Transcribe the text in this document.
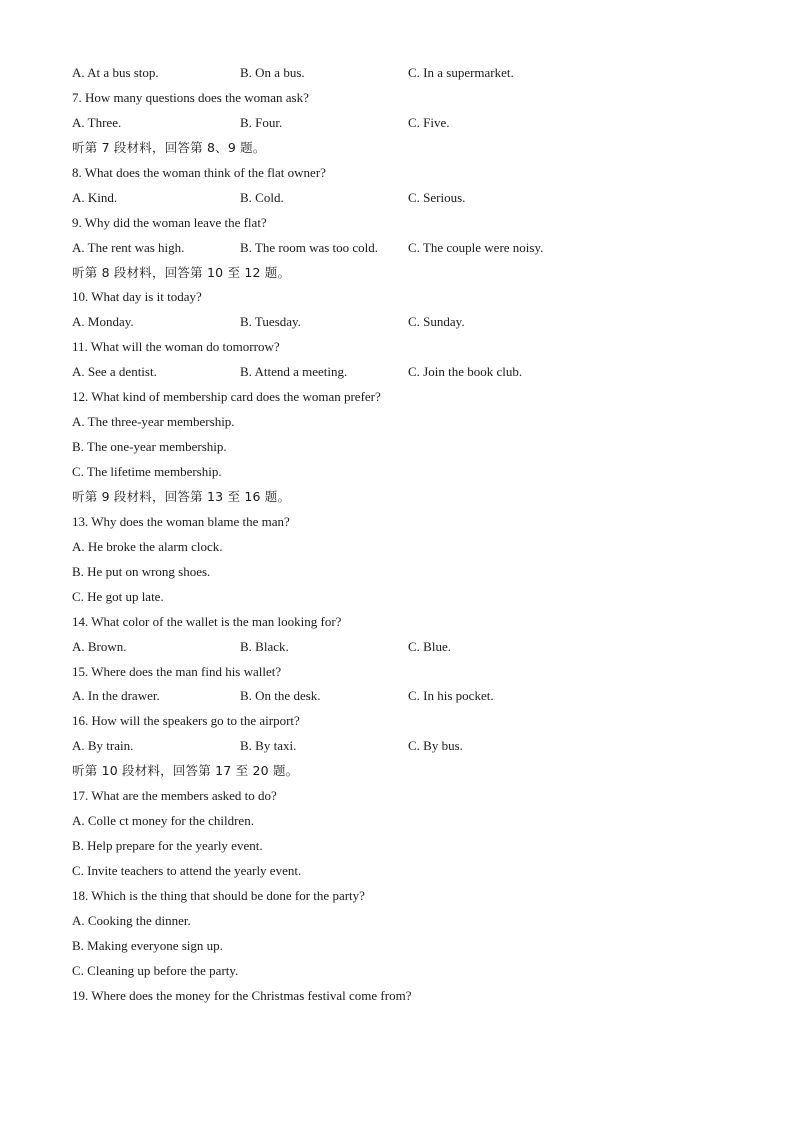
A. At a bus stop.	B. On a bus.	C. In a supermarket.
7. How many questions does the woman ask?
A. Three.	B. Four.	C. Five.
听第 7 段材料，回答第 8、9 题。
8. What does the woman think of the flat owner?
A. Kind.	B. Cold.	C. Serious.
9. Why did the woman leave the flat?
A. The rent was high.	B. The room was too cold. C. The couple were noisy.
听第 8 段材料，回答第 10 至 12 题。
10. What day is it today?
A. Monday.	B. Tuesday.	C. Sunday.
11. What will the woman do tomorrow?
A. See a dentist.	B. Attend a meeting.	C. Join the book club.
12. What kind of membership card does the woman prefer?
A. The three-year membership.
B. The one-year membership.
C. The lifetime membership.
听第 9 段材料，回答第 13 至 16 题。
13. Why does the woman blame the man?
A. He broke the alarm clock.
B. He put on wrong shoes.
C. He got up late.
14. What color of the wallet is the man looking for?
A. Brown.	B. Black.	C. Blue.
15. Where does the man find his wallet?
A. In the drawer.	B. On the desk.	C. In his pocket.
16. How will the speakers go to the airport?
A. By train.	B. By taxi.	C. By bus.
听第 10 段材料，回答第 17 至 20 题。
17. What are the members asked to do?
A. Colle ct money for the children.
B. Help prepare for the yearly event.
C. Invite teachers to attend the yearly event.
18. Which is the thing that should be done for the party?
A. Cooking the dinner.
B. Making everyone sign up.
C. Cleaning up before the party.
19. Where does the money for the Christmas festival come from?
